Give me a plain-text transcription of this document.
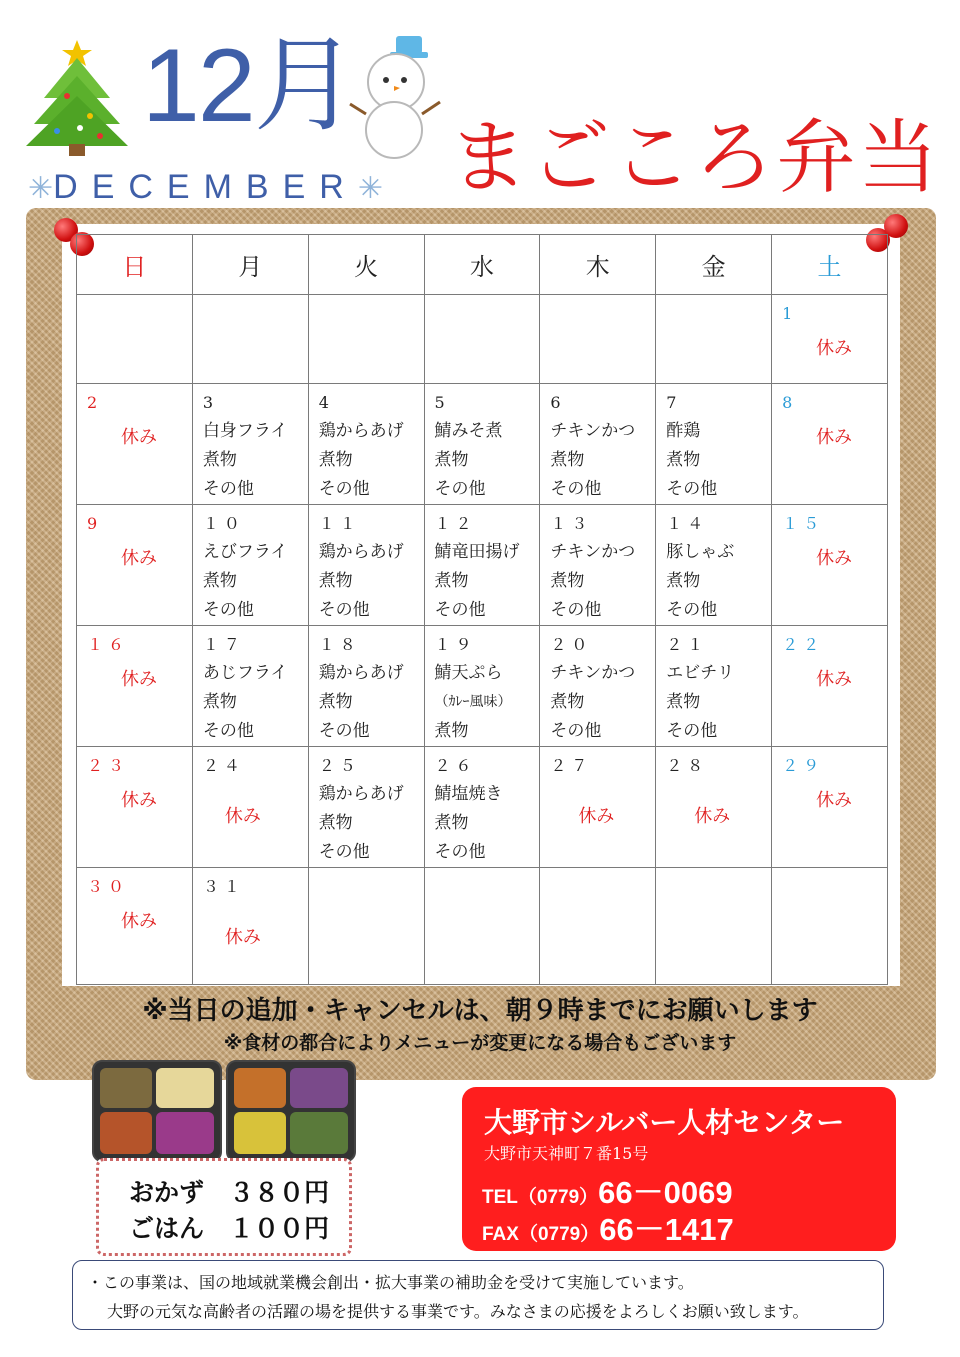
12月
✳DECEMBER✳ まごころ弁当
日	月	火	水	木	金	土

						1
休み

2
休み	3
白身フライ
煮物
その他	4
鶏からあげ
煮物
その他	5
鯖みそ煮
煮物
その他	6
チキンかつ
煮物
その他	7
酢鶏
煮物
その他	8
休み

9
休み	１０
えびフライ
煮物
その他	１１
鶏からあげ
煮物
その他	１２
鯖竜田揚げ
煮物
その他	１３
チキンかつ
煮物
その他	１４
豚しゃぶ
煮物
その他	１５
休み

１６
休み	１７
あじフライ
煮物
その他	１８
鶏からあげ
煮物
その他	１９
鯖天ぷら
（ｶﾚｰ風味）
煮物	２０
チキンかつ
煮物
その他	２１
エビチリ
煮物
その他	２２
休み

２３
休み	２４
休み	２５
鶏からあげ
煮物
その他	２６
鯖塩焼き
煮物
その他	２７
休み	２８
休み	２９
休み

３０
休み	３１
休み					

※当日の追加・キャンセルは、朝９時までにお願いします
※食材の都合によりメニューが変更になる場合もございます
おかず　３８０円
ごはん　１００円
大野市シルバー人材センター
大野市天神町７番15号
TEL（0779）66－0069
FAX（0779）66－1417
・この事業は、国の地域就業機会創出・拡大事業の補助金を受けて実施しています。
大野の元気な高齢者の活躍の場を提供する事業です。みなさまの応援をよろしくお願い致します。
